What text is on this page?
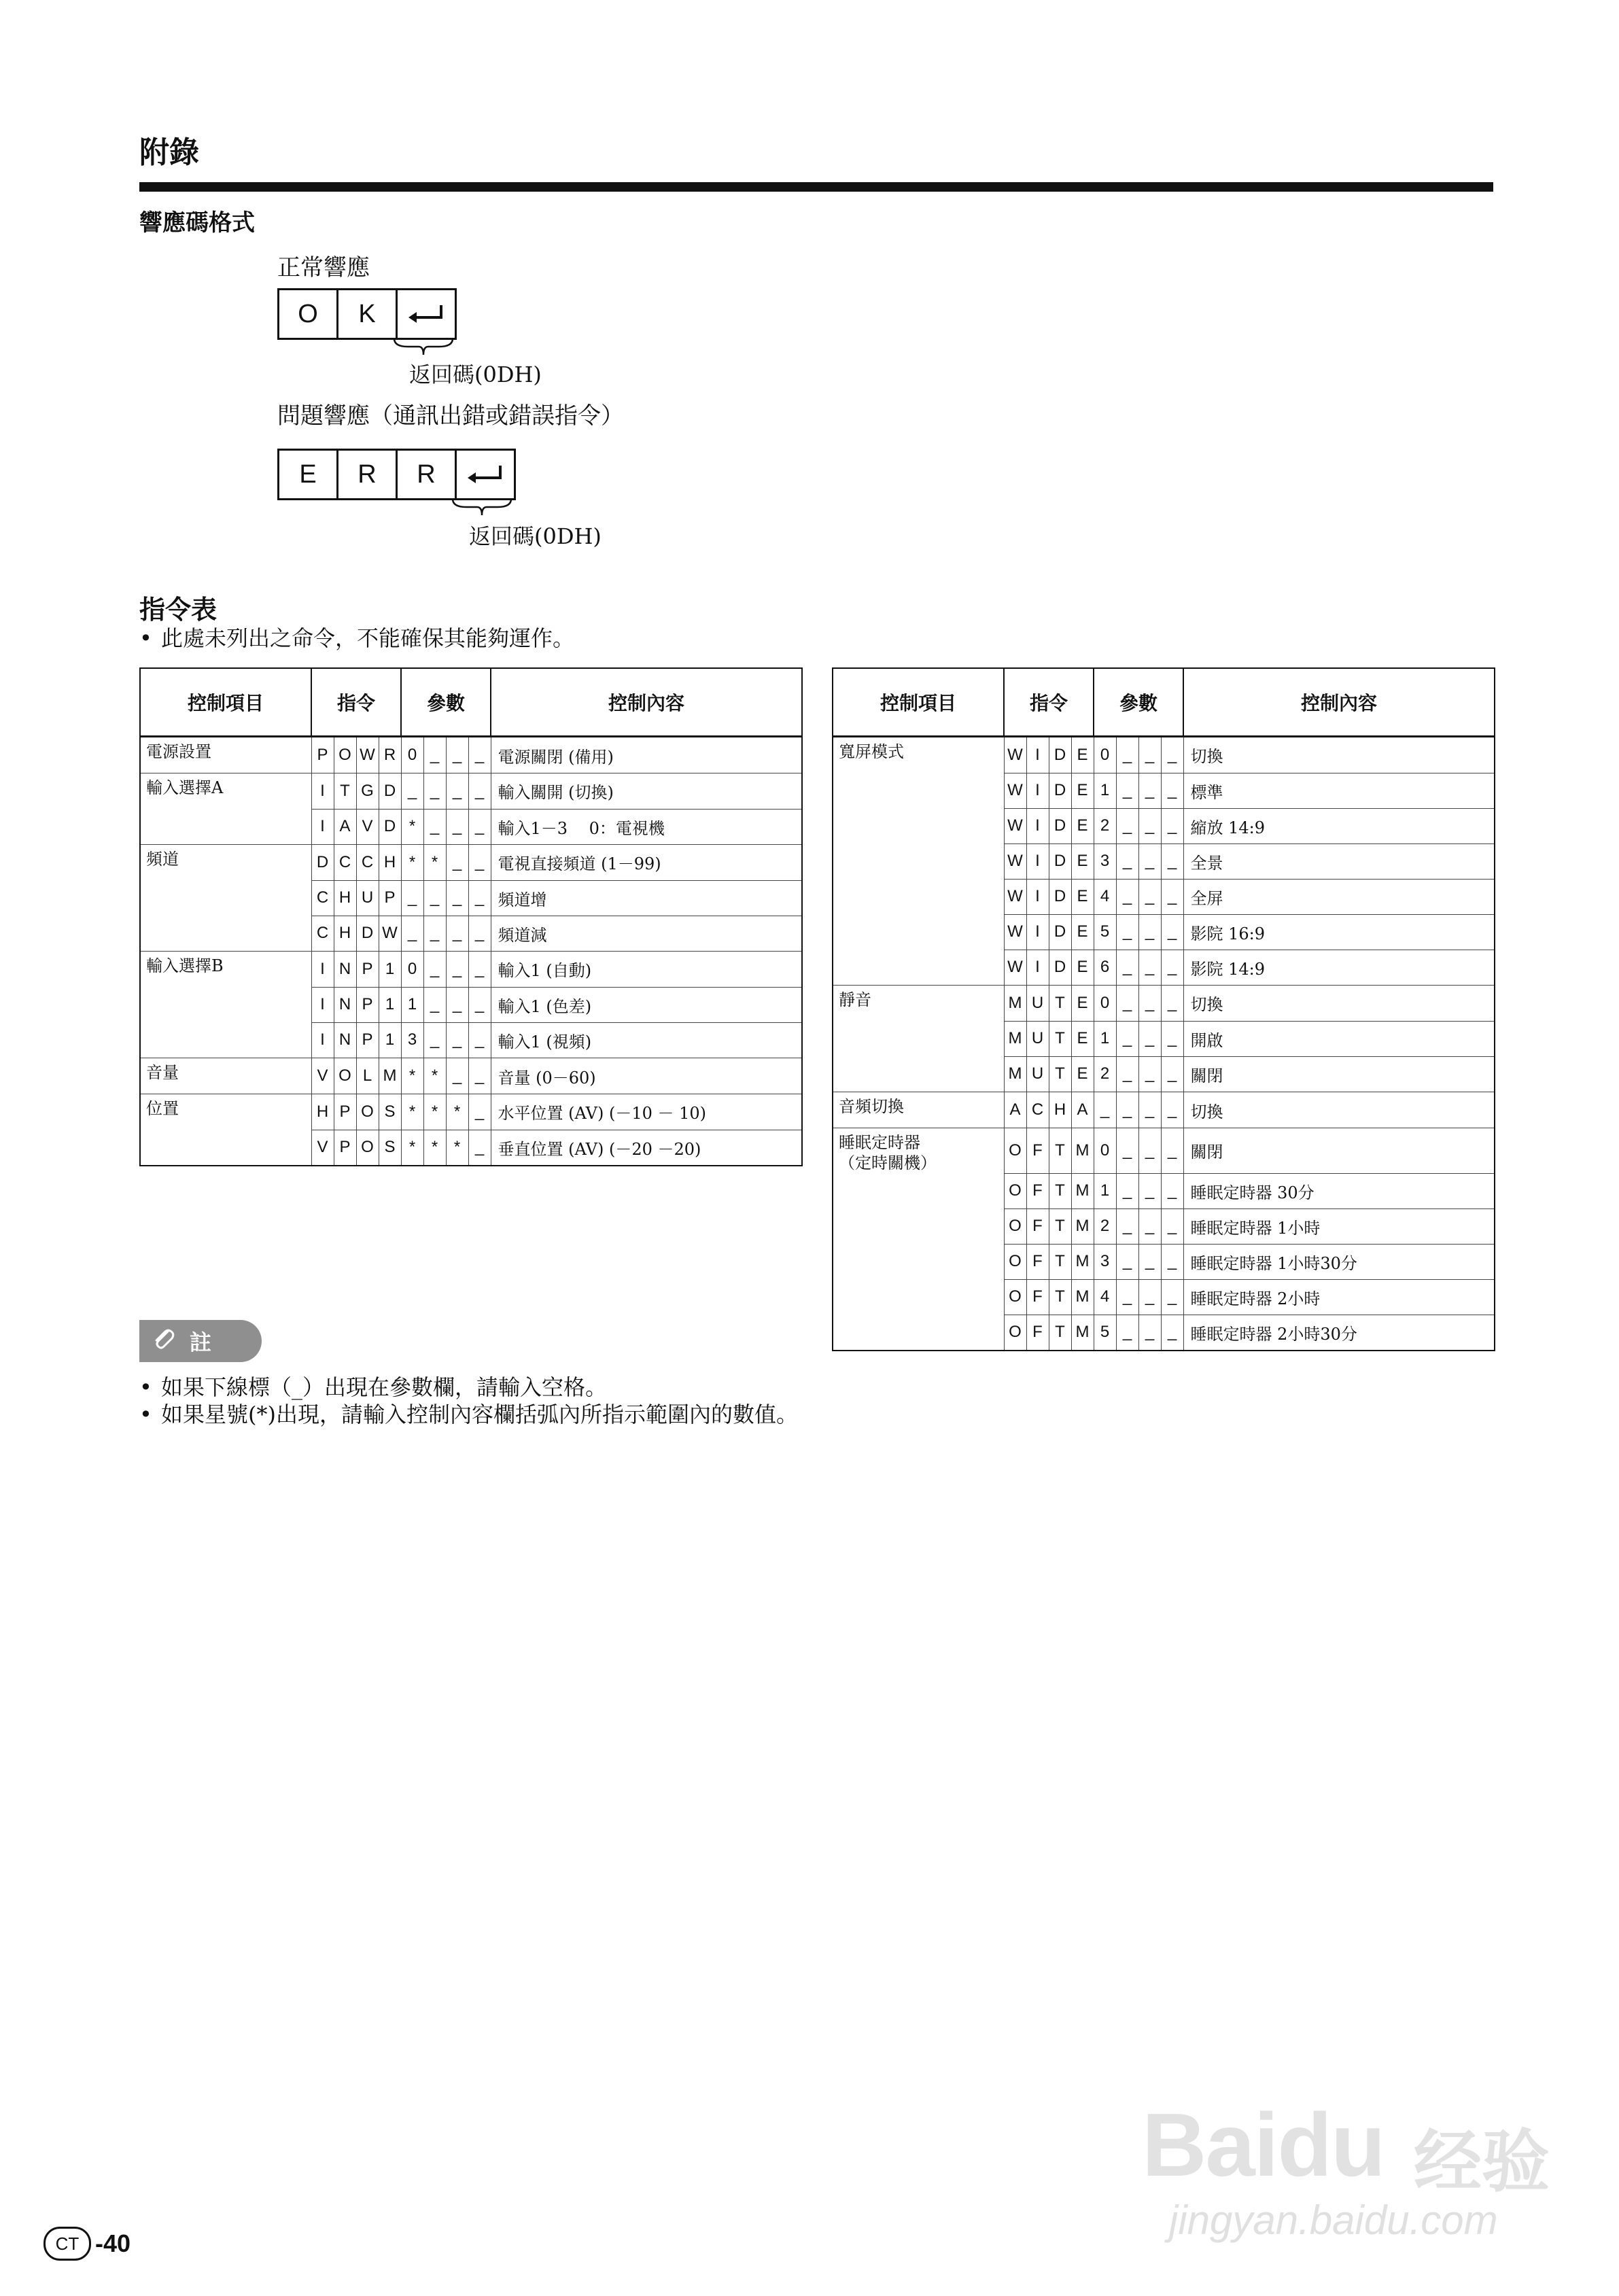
附錄
響應碼格式
正常響應
O	K
返回碼(0DH)
問題響應（通訊出錯或錯誤指令）
E	R	R
返回碼(0DH)
指令表
• 此處未列出之命令，不能確保其能夠運作。
控制項目	指令				參數				控制內容
電源設置	P	O	W	R	0	_	_	_	電源關閉 (備用)
輸入選擇A	I	T	G	D	_	_	_	_	輸入關開 (切換)
	I	A	V	D	*	_	_	_	輸入1－3　 0：電視機
頻道	D	C	C	H	*	*	_	_	電視直接頻道 (1－99)
	C	H	U	P	_	_	_	_	頻道增
	C	H	D	W	_	_	_	_	頻道減
輸入選擇B	I	N	P	1	0	_	_	_	輸入1 (自動)
	I	N	P	1	1	_	_	_	輸入1 (色差)
	I	N	P	1	3	_	_	_	輸入1 (視頻)
音量	V	O	L	M	*	*	_	_	音量 (0－60)
位置	H	P	O	S	*	*	*	_	水平位置 (AV) (－10 － 10)
	V	P	O	S	*	*	*	_	垂直位置 (AV) (－20 －20)
控制項目	指令				參數				控制內容
寬屏模式	W	I	D	E	0	_	_	_	切換
	W	I	D	E	1	_	_	_	標準
	W	I	D	E	2	_	_	_	縮放 14:9
	W	I	D	E	3	_	_	_	全景
	W	I	D	E	4	_	_	_	全屏
	W	I	D	E	5	_	_	_	影院 16:9
	W	I	D	E	6	_	_	_	影院 14:9
靜音	M	U	T	E	0	_	_	_	切換
	M	U	T	E	1	_	_	_	開啟
	M	U	T	E	2	_	_	_	關閉
音頻切換	A	C	H	A	_	_	_	_	切換
睡眠定時器
（定時關機）	O	F	T	M	0	_	_	_	關閉
	O	F	T	M	1	_	_	_	睡眠定時器 30分
	O	F	T	M	2	_	_	_	睡眠定時器 1小時
	O	F	T	M	3	_	_	_	睡眠定時器 1小時30分
	O	F	T	M	4	_	_	_	睡眠定時器 2小時
	O	F	T	M	5	_	_	_	睡眠定時器 2小時30分
註
• 如果下線標（_）出現在參數欄，請輸入空格。
• 如果星號(*)出現，請輸入控制內容欄括弧內所指示範圍內的數值。
Baidu 经验
jingyan.baidu.com
CT -40
